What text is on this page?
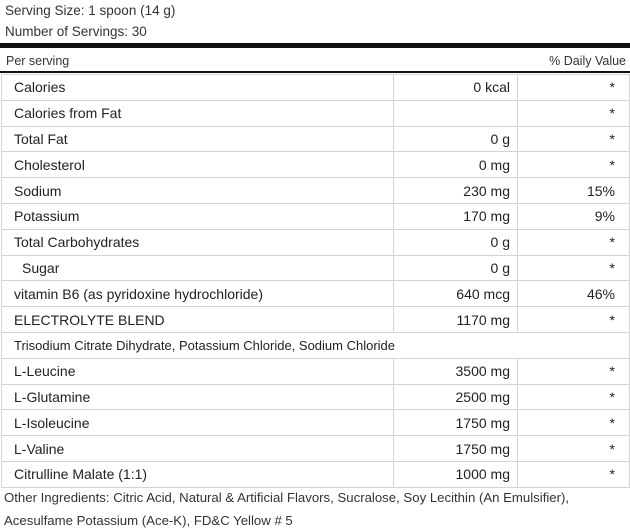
Serving Size: 1 spoon (14 g)
Number of Servings: 30
Per serving	% Daily Value
Calories	0 kcal	*
Calories from Fat		*
Total Fat	0 g	*
Cholesterol	0 mg	*
Sodium	230 mg	15%
Potassium	170 mg	9%
Total Carbohydrates	0 g	*
Sugar	0 g	*
vitamin B6 (as pyridoxine hydrochloride)	640 mcg	46%
ELECTROLYTE BLEND	1170 mg	*
Trisodium Citrate Dihydrate, Potassium Chloride, Sodium Chloride		
L-Leucine	3500 mg	*
L-Glutamine	2500 mg	*
L-Isoleucine	1750 mg	*
L-Valine	1750 mg	*
Citrulline Malate (1:1)	1000 mg	*
Other Ingredients: Citric Acid, Natural & Artificial Flavors, Sucralose, Soy Lecithin (An Emulsifier),
Acesulfame Potassium (Ace-K), FD&C Yellow # 5
